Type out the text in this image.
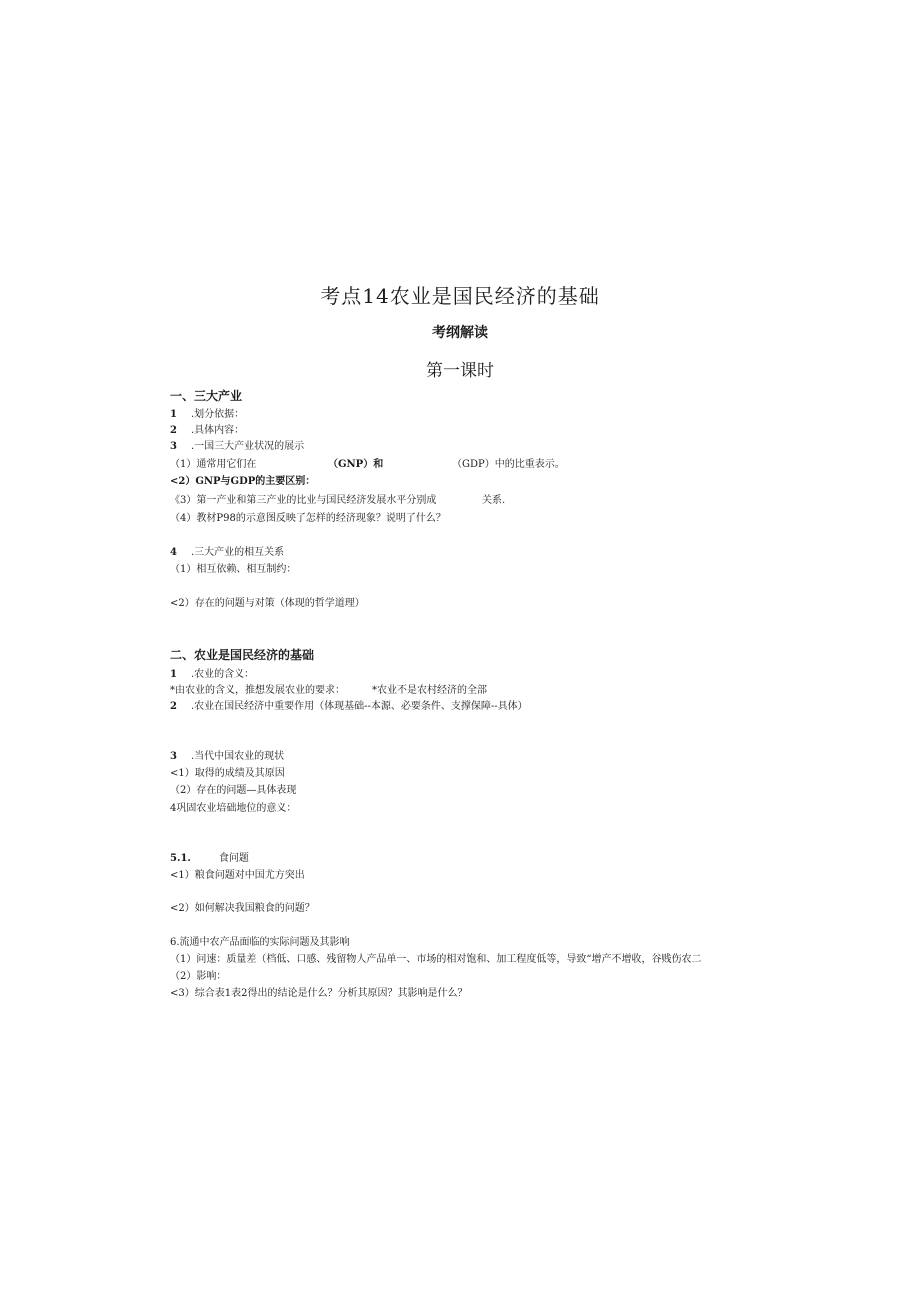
考点14农业是国民经济的基础
考纲解读
第一课时
一、三大产业
1 .划分依据：
2 .具体内容：
3 .一国三大产业状况的展示
（1）通常用它们在	（GNP）和	（GDP）中的比重表示。
<2）GNP与GDP的主要区别：
《3）第一产业和第三产业的比业与国民经济发展水平分别成	关系.
（4）教材P98的示意图反映了怎样的经济现象？说明了什么？
4 .三大产业的相互关系
（1）相互依赖、相互制约：
<2）存在的问题与对策（体现的哲学道理）
二、农业是国民经济的基础
1 .农业的含义：
*由农业的含义，推想发展农业的要求：	*农业不是农村经济的全部
2 .农业在国民经济中重要作用（体现基础--本源、必要条件、支撑保障--具体）
3 .当代中国农业的现状
<1）取得的成绩及其原因
（2）存在的问题—具体表现
4巩固农业培础地位的意义：
5.1.	食问题
<1）粮食问题对中国尤方突出
<2）如何解决我国粮食的问题？
6.流通中农产品面临的实际问题及其影响
（1）问速：质量差（档低、口感、残留物人产品单一、市场的相对饱和、加工程度低等，导致“增产不增收，谷贱伤农二
（2）影响：
<3）综合表1表2得出的结论是什么？分析其原因？其影响是什么？
